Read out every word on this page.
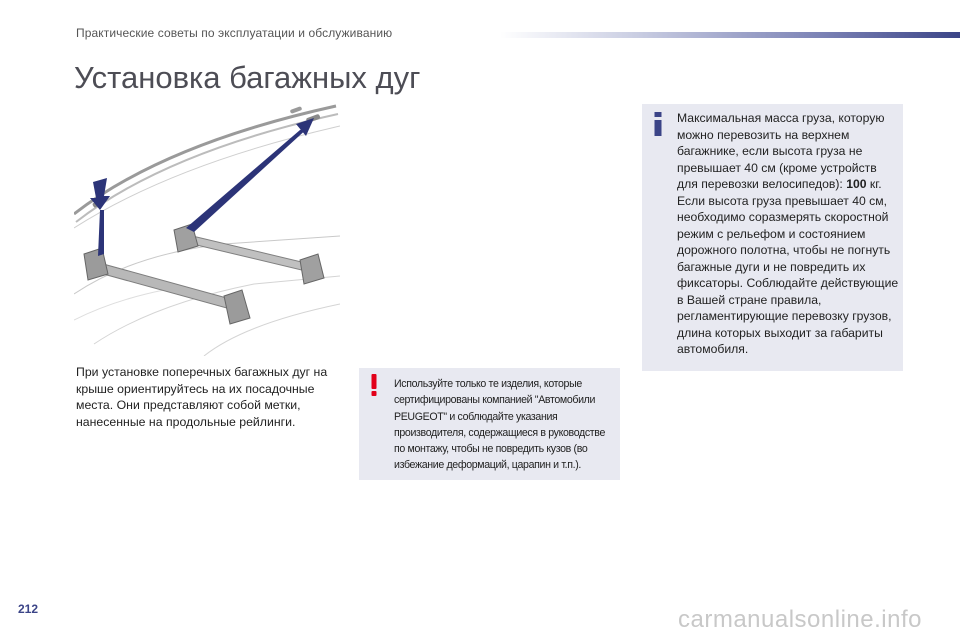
Практические советы по эксплуатации и обслуживанию
Установка багажных дуг
При установке поперечных багажных дуг на крыше ориентируйтесь на их посадочные места. Они представляют собой метки, нанесенные на продольные рейлинги.
Используйте только те изделия, которые сертифицированы компанией "Автомобили PEUGEOT" и соблюдайте указания производителя, содержащиеся в руководстве по монтажу, чтобы не повредить кузов (во избежание деформаций, царапин и т.п.).
Максимальная масса груза, которую можно перевозить на верхнем багажнике, если высота груза не превышает 40 см (кроме устройств для перевозки велосипедов): 100 кг. Если высота груза превышает 40 см, необходимо соразмерять скоростной режим с рельефом и состоянием дорожного полотна, чтобы не погнуть багажные дуги и не повредить их фиксаторы. Соблюдайте действующие в Вашей стране правила, регламентирующие перевозку грузов, длина которых выходит за габариты автомобиля.
212	carmanualsonline.info
